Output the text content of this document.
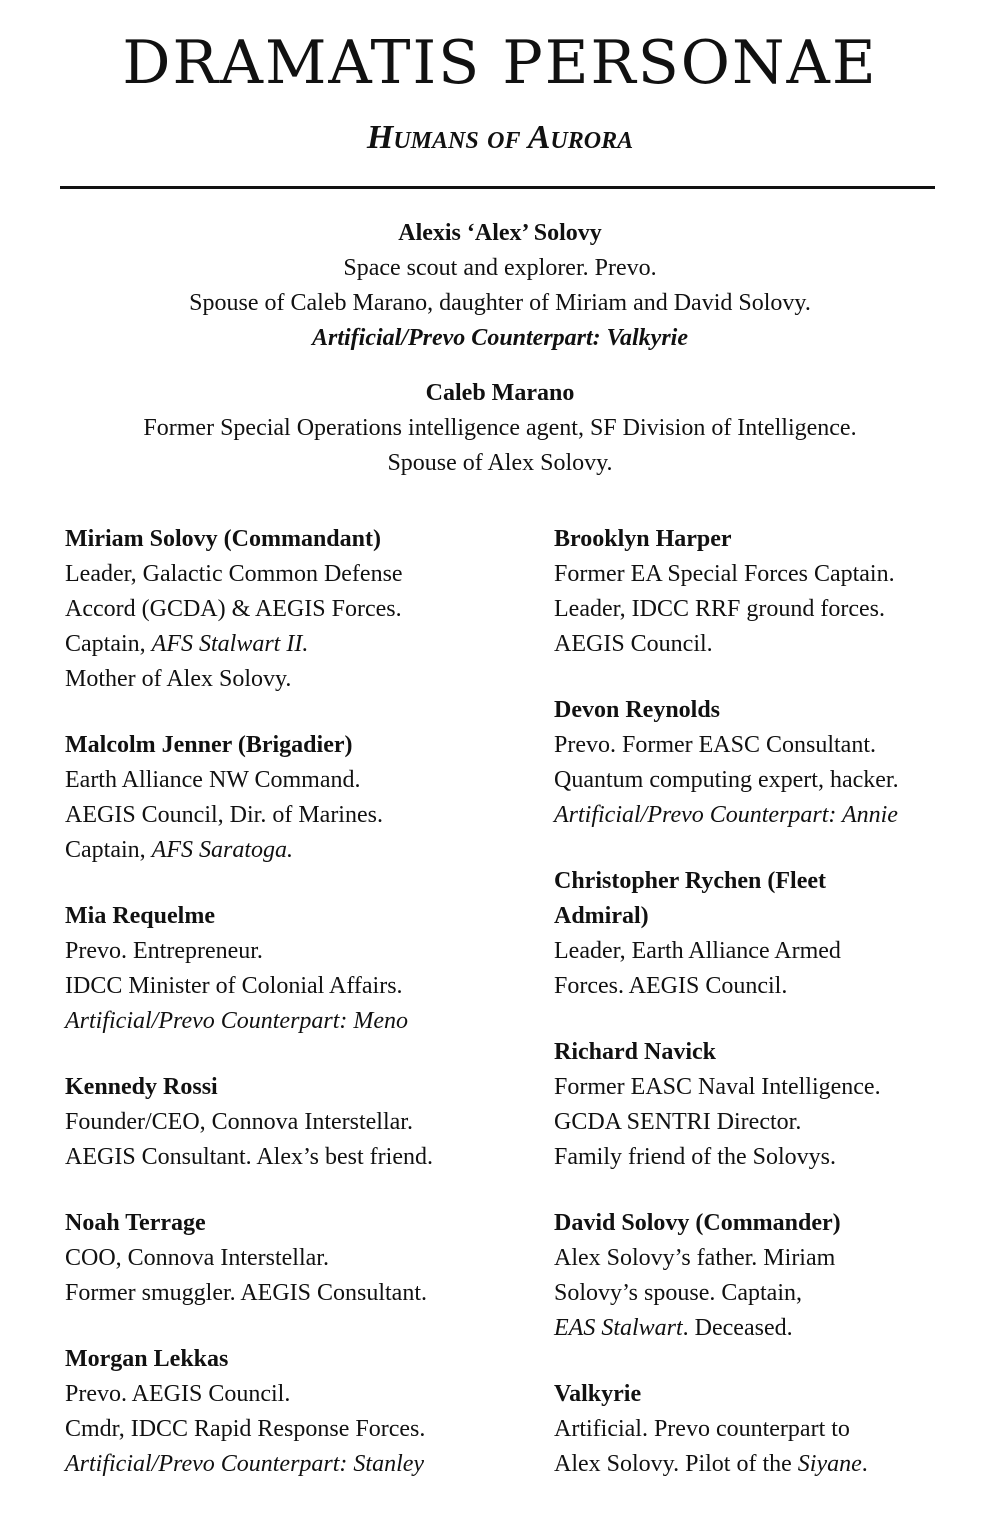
DRAMATIS PERSONAE
Humans of Aurora

Alexis ‘Alex’ Solovy

Space scout and explorer. Prevo.

Spouse of Caleb Marano, daughter of Miriam and David Solovy.

Artificial/Prevo Counterpart: Valkyrie

Caleb Marano

Former Special Operations intelligence agent, SF Division of Intelligence.

Spouse of Alex Solovy.

Miriam Solovy (Commandant)

Leader, Galactic Common Defense

Accord (GCDA) & AEGIS Forces.

Captain, AFS Stalwart II.

Mother of Alex Solovy.

Malcolm Jenner (Brigadier)

Earth Alliance NW Command.

AEGIS Council, Dir. of Marines.

Captain, AFS Saratoga.

Mia Requelme

Prevo. Entrepreneur.

IDCC Minister of Colonial Affairs.

Artificial/Prevo Counterpart: Meno

Kennedy Rossi

Founder/CEO, Connova Interstellar.

AEGIS Consultant. Alex’s best friend.

Noah Terrage

COO, Connova Interstellar.

Former smuggler. AEGIS Consultant.

Morgan Lekkas

Prevo. AEGIS Council.

Cmdr, IDCC Rapid Response Forces.

Artificial/Prevo Counterpart: Stanley

Brooklyn Harper

Former EA Special Forces Captain.

Leader, IDCC RRF ground forces.

AEGIS Council.

Devon Reynolds

Prevo. Former EASC Consultant.

Quantum computing expert, hacker.

Artificial/Prevo Counterpart: Annie

Christopher Rychen (Fleet

Admiral)

Leader, Earth Alliance Armed

Forces. AEGIS Council.

Richard Navick

Former EASC Naval Intelligence.

GCDA SENTRI Director.

Family friend of the Solovys.

David Solovy (Commander)

Alex Solovy’s father. Miriam

Solovy’s spouse. Captain,

EAS Stalwart. Deceased.

Valkyrie

Artificial. Prevo counterpart to

Alex Solovy. Pilot of the Siyane.
